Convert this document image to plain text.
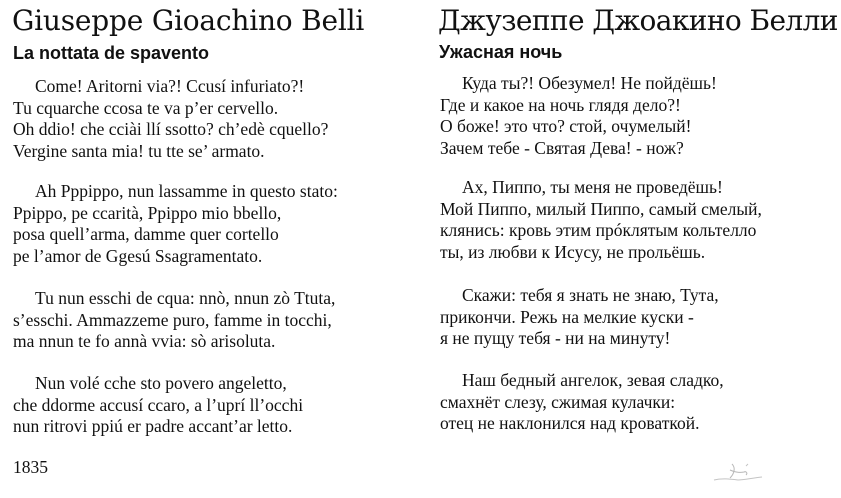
Giuseppe Gioachino Belli
La nottata de spavento
Come! Aritorni via?! Ccusí infuriato?!
Tu cquarche ccosa te va p’er cervello.
Oh ddio! che cciài llí ssotto? ch’edè cquello?
Vergine santa mia! tu tte se’ armato.
Ah Pppippo, nun lassamme in questo stato:
Ppippo, pe ccarità, Ppippo mio bbello,
posa quell’arma, damme quer cortello
pe l’amor de Ggesú Ssagramentato.
Tu nun esschi de cqua: nnò, nnun zò Ttuta,
s’esschi. Ammazzeme puro, famme in tocchi,
ma nnun te fo annà vvia: sò arisoluta.
Nun volé cche sto povero angeletto,
che ddorme accusí ccaro, a l’uprí ll’occhi
nun ritrovi ppiú er padre accant’ar letto.
1835
Джузеппе Джоакино Белли
Ужасная ночь
Куда ты?! Обезумел! Не пойдёшь!
Где и какое на ночь глядя дело?!
О боже! это что? стой, очумелый!
Зачем тебе - Святая Дева! - нож?
Ах, Пиппо, ты меня не проведёшь!
Мой Пиппо, милый Пиппо, самый смелый,
клянись: кровь этим прóклятым кольтелло
ты, из любви к Исусу, не прольёшь.
Скажи: тебя я знать не знаю, Тута,
прикончи. Режь на мелкие куски -
я не пущу тебя - ни на минуту!
Наш бедный ангелок, зевая сладко,
смахнёт слезу, сжимая кулачки:
отец не наклонился над кроваткой.
